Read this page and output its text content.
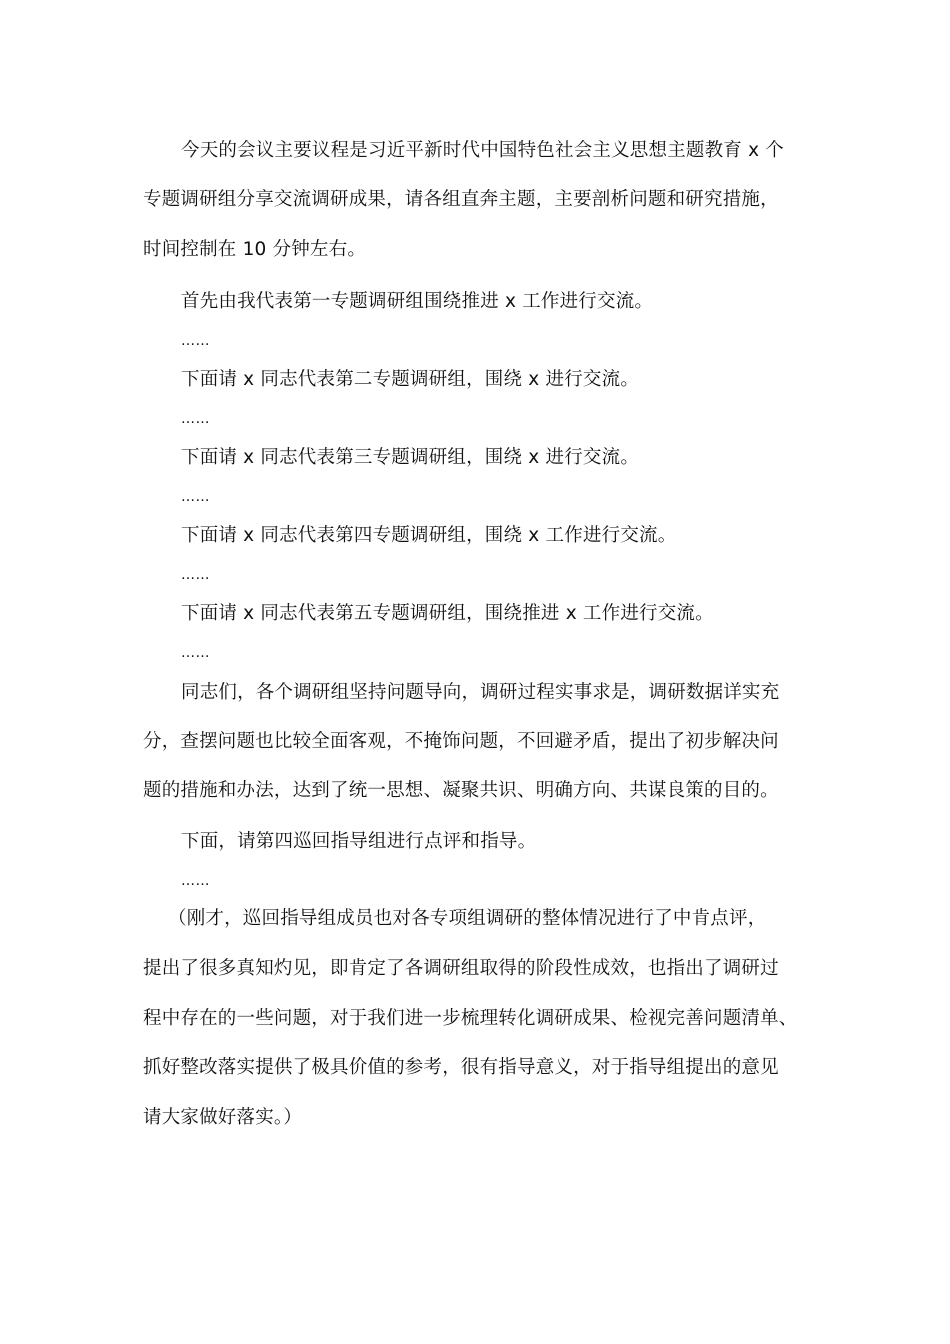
今天的会议主要议程是习近平新时代中国特色社会主义思想主题教育 x 个
专题调研组分享交流调研成果，请各组直奔主题，主要剖析问题和研究措施，
时间控制在 10 分钟左右。
首先由我代表第一专题调研组围绕推进 x 工作进行交流。
……
下面请 x 同志代表第二专题调研组，围绕 x 进行交流。
……
下面请 x 同志代表第三专题调研组，围绕 x 进行交流。
……
下面请 x 同志代表第四专题调研组，围绕 x 工作进行交流。
……
下面请 x 同志代表第五专题调研组，围绕推进 x 工作进行交流。
……
同志们，各个调研组坚持问题导向，调研过程实事求是，调研数据详实充
分，查摆问题也比较全面客观，不掩饰问题，不回避矛盾，提出了初步解决问
题的措施和办法，达到了统一思想、凝聚共识、明确方向、共谋良策的目的。
下面，请第四巡回指导组进行点评和指导。
……
（刚才，巡回指导组成员也对各专项组调研的整体情况进行了中肯点评，
提出了很多真知灼见，即肯定了各调研组取得的阶段性成效，也指出了调研过
程中存在的一些问题，对于我们进一步梳理转化调研成果、检视完善问题清单、
抓好整改落实提供了极具价值的参考，很有指导意义，对于指导组提出的意见
请大家做好落实。）
